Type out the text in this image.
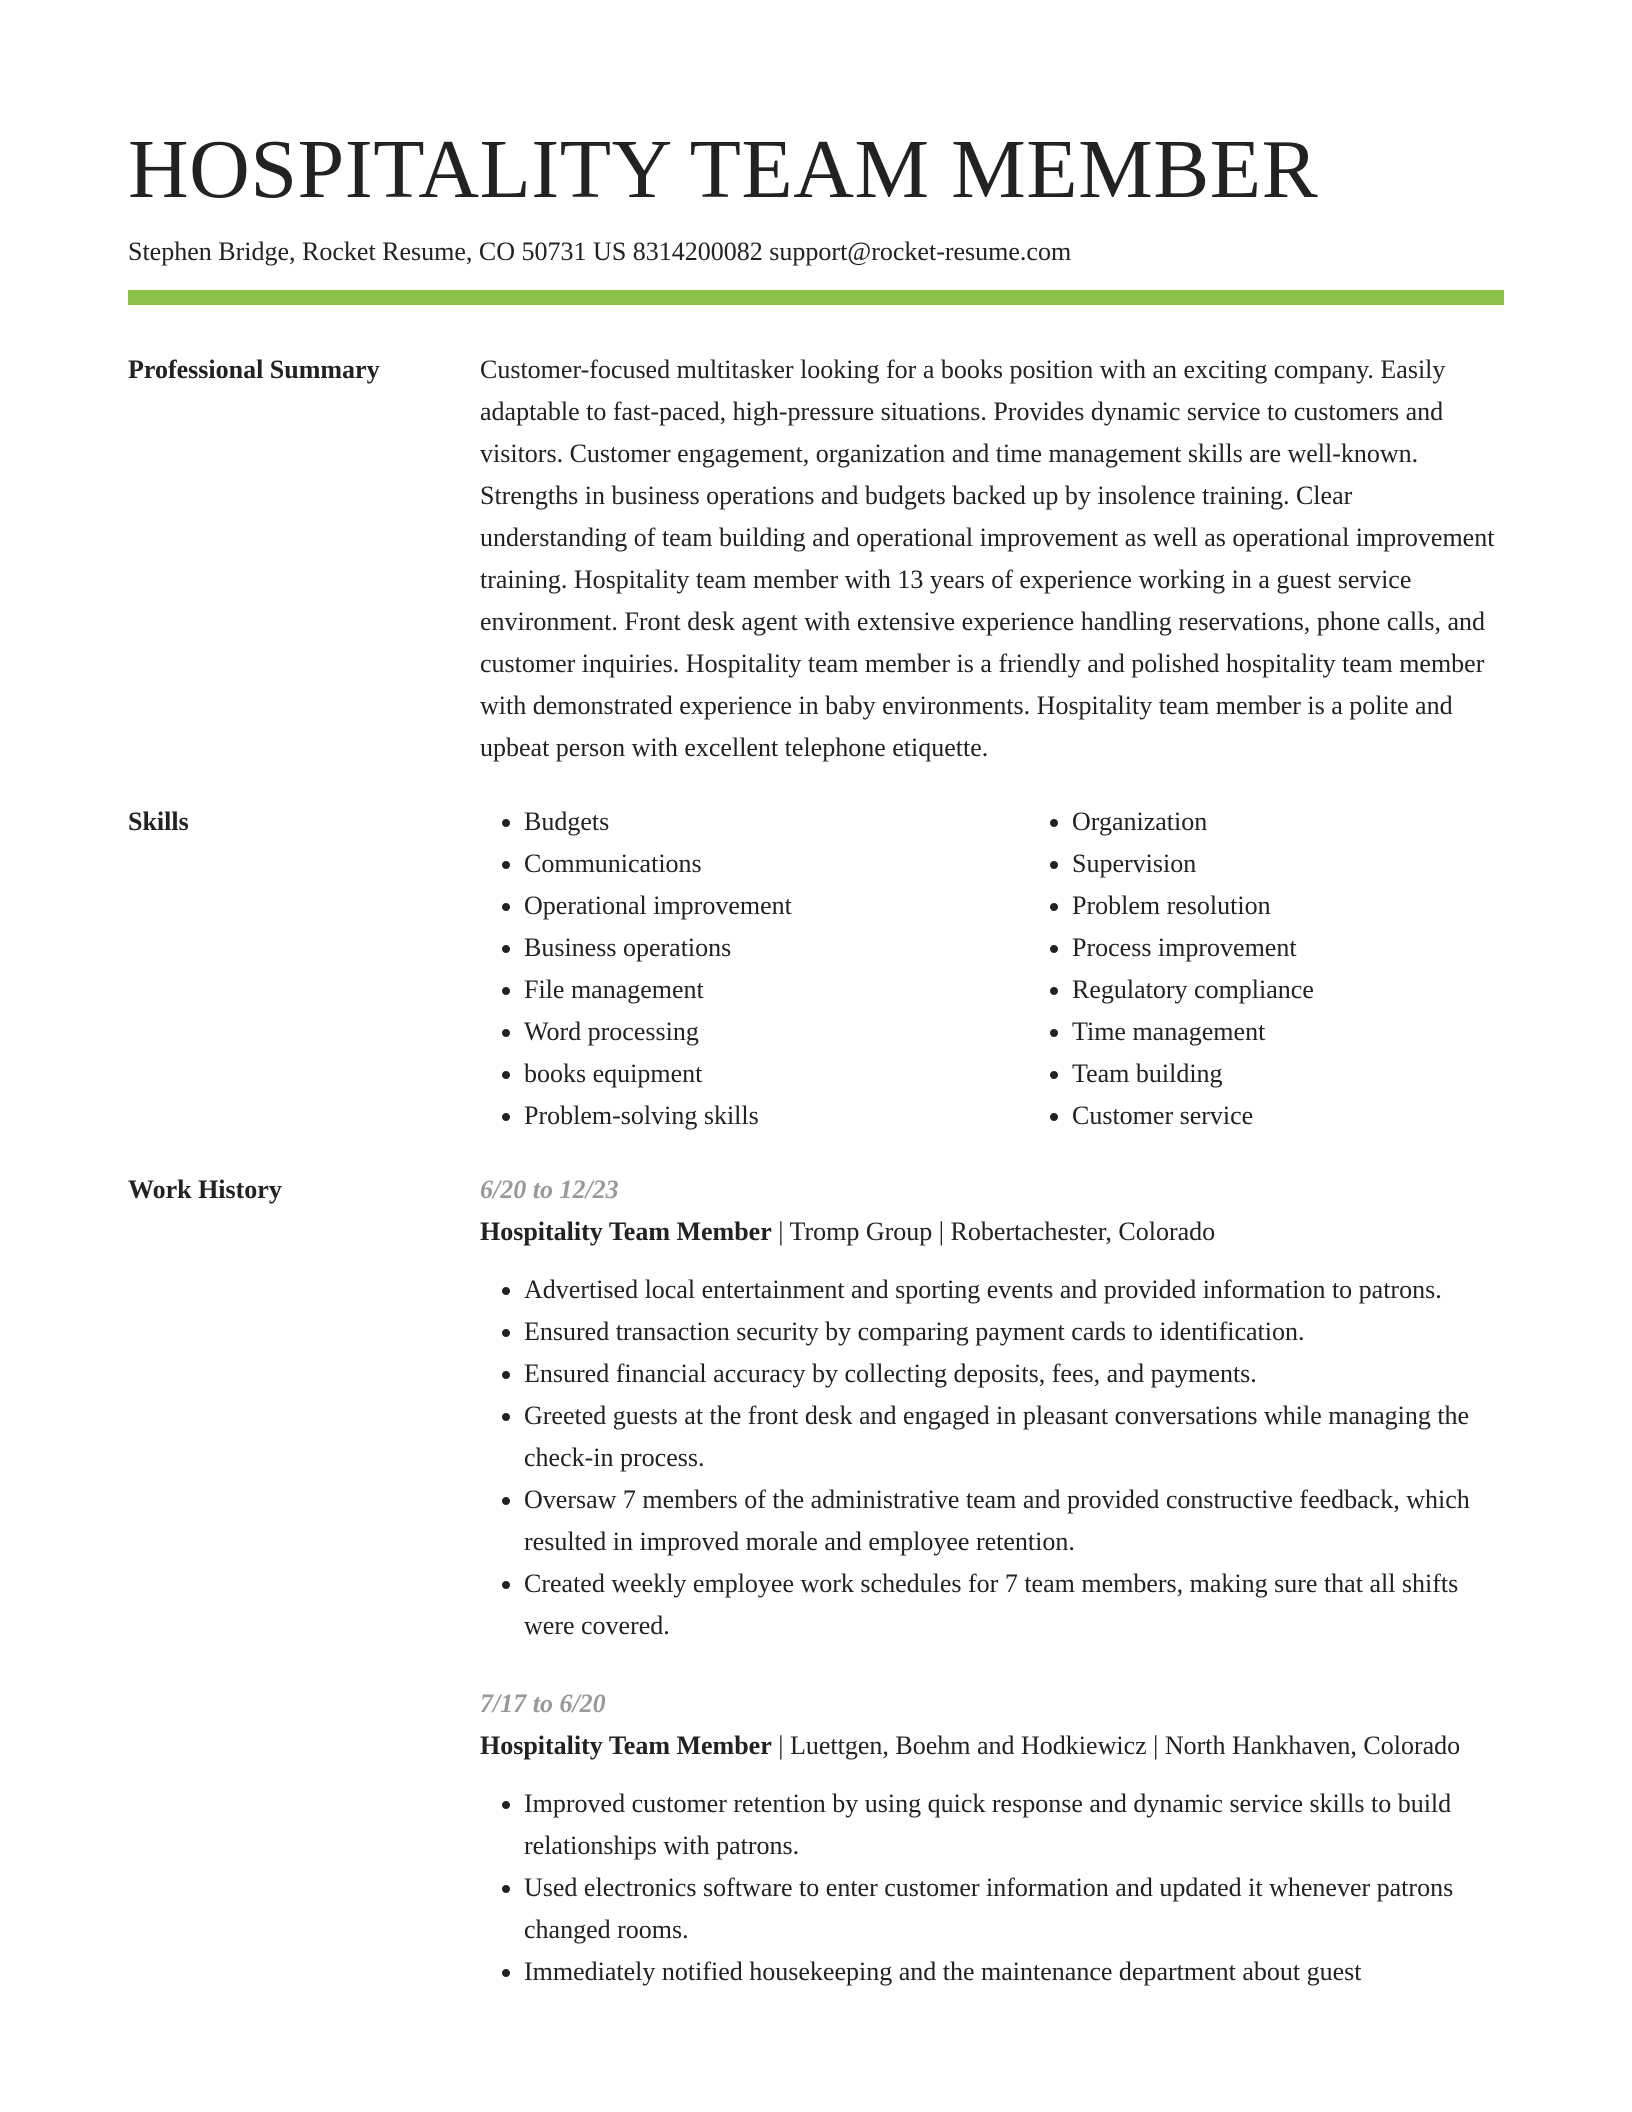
HOSPITALITY TEAM MEMBER
Stephen Bridge, Rocket Resume, CO 50731 US 8314200082 support@rocket-resume.com
Professional Summary	Customer-focused multitasker looking for a books position with an exciting company. Easily adaptable to fast-paced, high-pressure situations. Provides dynamic service to customers and visitors. Customer engagement, organization and time management skills are well-known. Strengths in business operations and budgets backed up by insolence training. Clear understanding of team building and operational improvement as well as operational improvement training. Hospitality team member with 13 years of experience working in a guest service environment. Front desk agent with extensive experience handling reservations, phone calls, and customer inquiries. Hospitality team member is a friendly and polished hospitality team member with demonstrated experience in baby environments. Hospitality team member is a polite and upbeat person with excellent telephone etiquette.

Skills
•	Budgets
• Communications
• Operational improvement
• Business operations
• File management
• Word processing
• books equipment
• Problem-solving skills
• Organization
• Supervision
• Problem resolution
• Process improvement
• Regulatory compliance
• Time management
• Team building
• Customer service
Work History	6/20 to 12/23
Hospitality Team Member | Tromp Group | Robertachester, Colorado
• Advertised local entertainment and sporting events and provided information to patrons.
• Ensured transaction security by comparing payment cards to identification.
• Ensured financial accuracy by collecting deposits, fees, and payments.
• Greeted guests at the front desk and engaged in pleasant conversations while managing the check-in process.
• Oversaw 7 members of the administrative team and provided constructive feedback, which resulted in improved morale and employee retention.
• Created weekly employee work schedules for 7 team members, making sure that all shifts were covered.
7/17 to 6/20
Hospitality Team Member | Luettgen, Boehm and Hodkiewicz | North Hankhaven, Colorado
• Improved customer retention by using quick response and dynamic service skills to build relationships with patrons.
• Used electronics software to enter customer information and updated it whenever patrons changed rooms.
• Immediately notified housekeeping and the maintenance department about guest
